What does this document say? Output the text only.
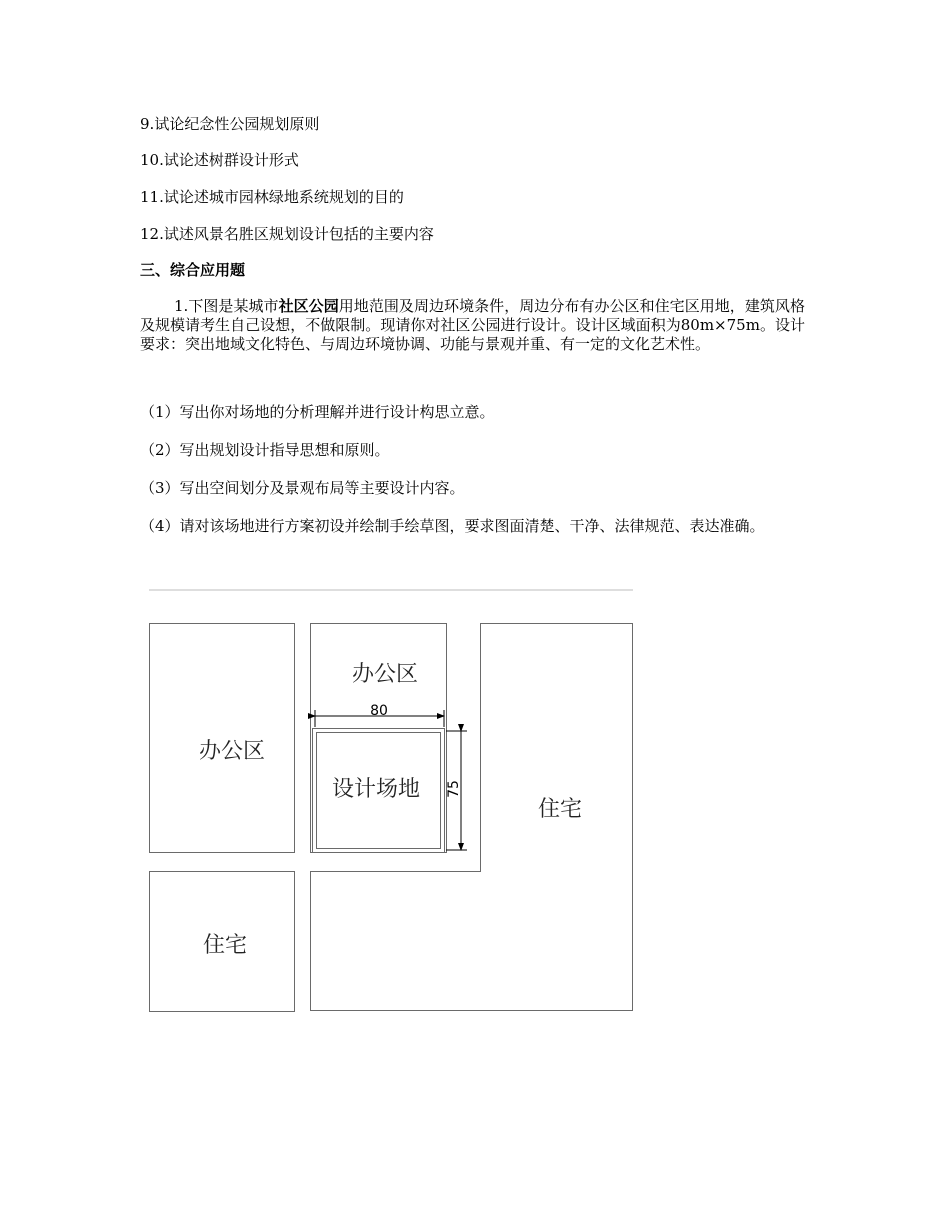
9.试论纪念性公园规划原则
10.试论述树群设计形式
11.试论述城市园林绿地系统规划的目的
12.试述风景名胜区规划设计包括的主要内容
三、综合应用题
1.下图是某城市社区公园用地范围及周边环境条件，周边分布有办公区和住宅区用地，建筑风格及规模请考生自己设想，不做限制。现请你对社区公园进行设计。设计区域面积为80m×75m。设计要求：突出地域文化特色、与周边环境协调、功能与景观并重、有一定的文化艺术性。
（1）写出你对场地的分析理解并进行设计构思立意。
（2）写出规划设计指导思想和原则。
（3）写出空间划分及景观布局等主要设计内容。
（4）请对该场地进行方案初设并绘制手绘草图，要求图面清楚、干净、法律规范、表达准确。
办公区
办公区
设计场地
80
75
住宅
住宅
